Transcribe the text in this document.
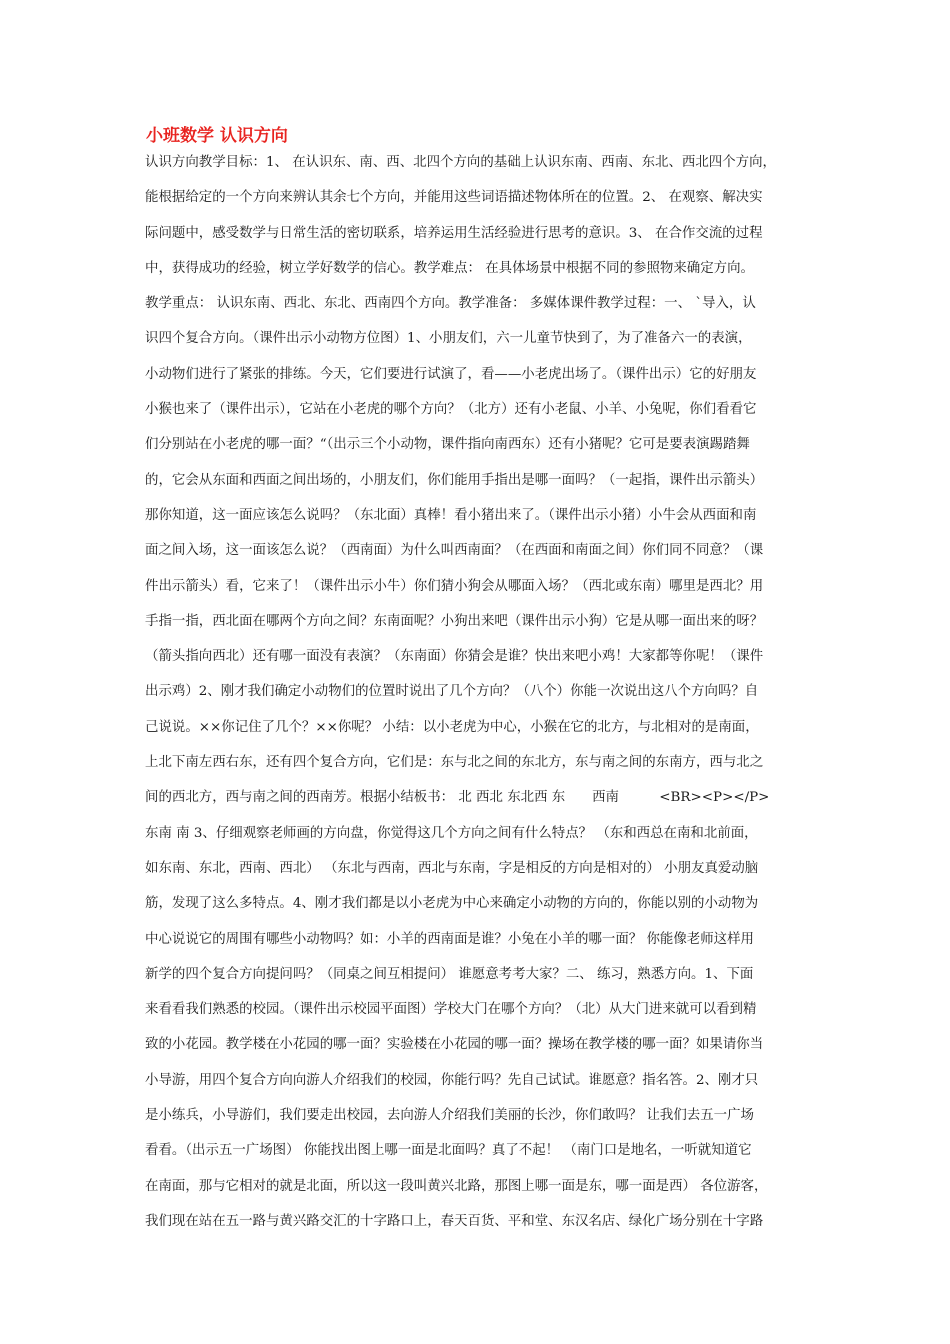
小班数学 认识方向
认识方向教学目标：1、 在认识东、南、西、北四个方向的基础上认识东南、西南、东北、西北四个方向，
能根据给定的一个方向来辨认其余七个方向，并能用这些词语描述物体所在的位置。2、 在观察、解决实
际问题中，感受数学与日常生活的密切联系，培养运用生活经验进行思考的意识。3、 在合作交流的过程
中，获得成功的经验，树立学好数学的信心。教学难点： 在具体场景中根据不同的参照物来确定方向。
教学重点： 认识东南、西北、东北、西南四个方向。教学准备： 多媒体课件教学过程：一、 `导入，认
识四个复合方向。（课件出示小动物方位图）1、小朋友们，六一儿童节快到了，为了准备六一的表演，
小动物们进行了紧张的排练。今天，它们要进行试演了，看——小老虎出场了。（课件出示）它的好朋友
小猴也来了（课件出示），它站在小老虎的哪个方向？（北方）还有小老鼠、小羊、小兔呢，你们看看它
们分别站在小老虎的哪一面？“（出示三个小动物，课件指向南西东）还有小猪呢？它可是要表演踢踏舞
的，它会从东面和西面之间出场的，小朋友们，你们能用手指出是哪一面吗？（一起指，课件出示箭头）
那你知道，这一面应该怎么说吗？（东北面）真棒！看小猪出来了。（课件出示小猪）小牛会从西面和南
面之间入场，这一面该怎么说？（西南面）为什么叫西南面？（在西面和南面之间）你们同不同意？（课
件出示箭头）看，它来了！（课件出示小牛）你们猜小狗会从哪面入场？（西北或东南）哪里是西北？用
手指一指，西北面在哪两个方向之间？东南面呢？小狗出来吧（课件出示小狗）它是从哪一面出来的呀？
（箭头指向西北）还有哪一面没有表演？（东南面）你猜会是谁？快出来吧小鸡！大家都等你呢！（课件
出示鸡）2、刚才我们确定小动物们的位置时说出了几个方向？（八个）你能一次说出这八个方向吗？自
己说说。××你记住了几个？××你呢？ 小结：以小老虎为中心，小猴在它的北方，与北相对的是南面，
上北下南左西右东，还有四个复合方向，它们是：东与北之间的东北方，东与南之间的东南方，西与北之
间的西北方，西与南之间的西南芳。根据小结板书： 北 西北 东北西 东　　西南　　　<BR><P></P>
东南 南 3、仔细观察老师画的方向盘，你觉得这几个方向之间有什么特点？ （东和西总在南和北前面，
如东南、东北，西南、西北） （东北与西南，西北与东南，字是相反的方向是相对的） 小朋友真爱动脑
筋，发现了这么多特点。4、刚才我们都是以小老虎为中心来确定小动物的方向的，你能以别的小动物为
中心说说它的周围有哪些小动物吗？如：小羊的西南面是谁？小兔在小羊的哪一面？ 你能像老师这样用
新学的四个复合方向提问吗？（同桌之间互相提问） 谁愿意考考大家？二、 练习，熟悉方向。1、下面
来看看我们熟悉的校园。（课件出示校园平面图）学校大门在哪个方向？（北）从大门进来就可以看到精
致的小花园。教学楼在小花园的哪一面？实验楼在小花园的哪一面？操场在教学楼的哪一面？如果请你当
小导游，用四个复合方向向游人介绍我们的校园，你能行吗？先自己试试。谁愿意？指名答。2、刚才只
是小练兵，小导游们，我们要走出校园，去向游人介绍我们美丽的长沙，你们敢吗？ 让我们去五一广场
看看。（出示五一广场图） 你能找出图上哪一面是北面吗？真了不起！ （南门口是地名，一听就知道它
在南面，那与它相对的就是北面，所以这一段叫黄兴北路，那图上哪一面是东，哪一面是西） 各位游客，
我们现在站在五一路与黄兴路交汇的十字路口上，春天百货、平和堂、东汉名店、绿化广场分别在十字路
